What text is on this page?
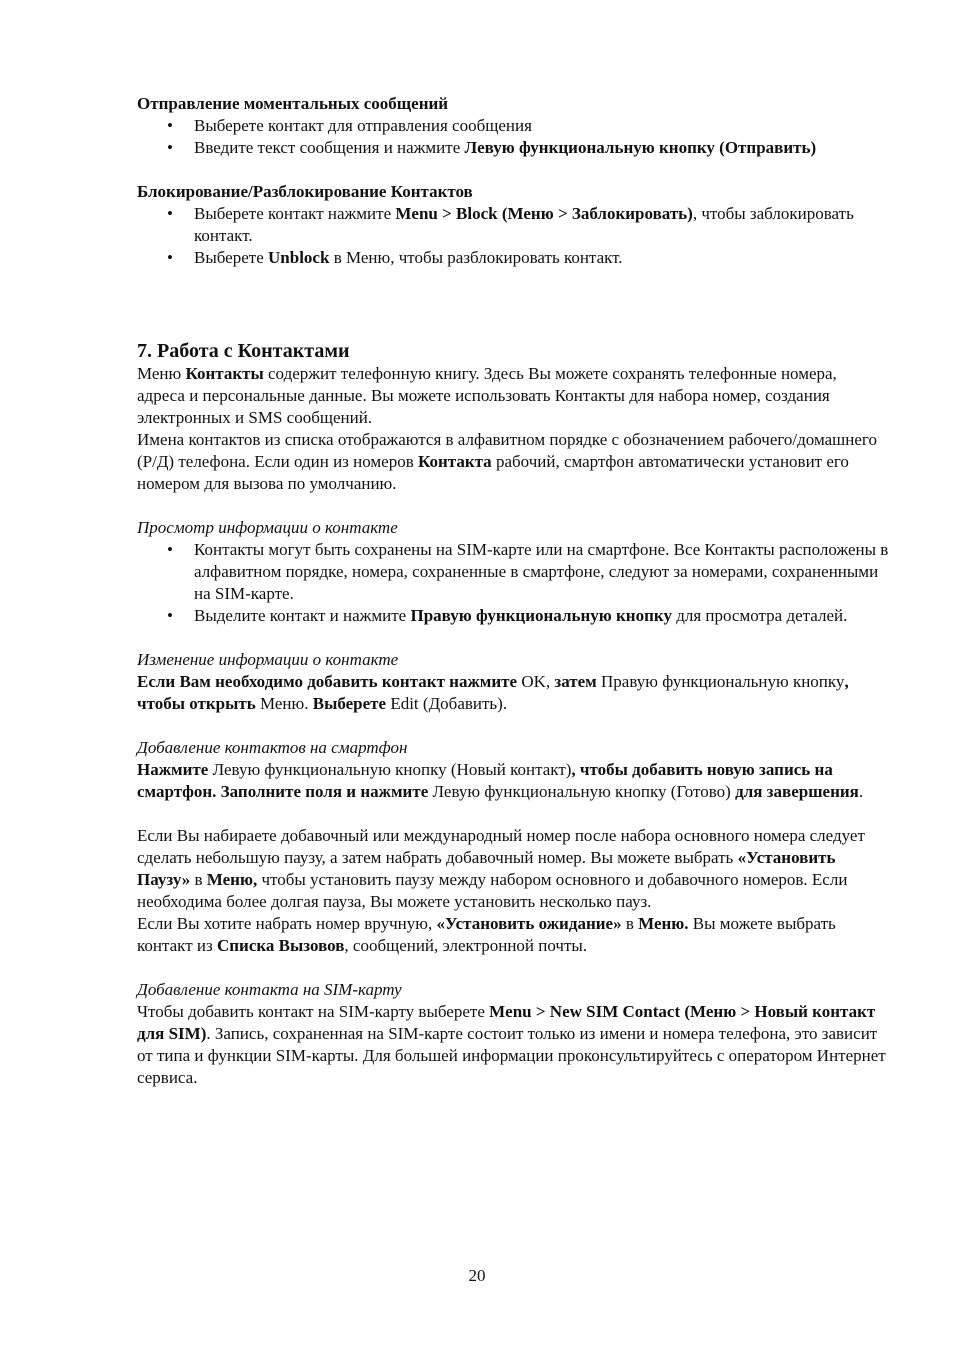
Отправление моментальных сообщений

• Выберете контакт для отправления сообщения
• Введите текст сообщения и нажмите Левую функциональную кнопку (Отправить)

Блокирование/Разблокирование Контактов

• Выберете контакт нажмите Menu > Block (Меню > Заблокировать), чтобы заблокировать контакт.
• Выберете Unblock в Меню, чтобы разблокировать контакт.

7. Работа с Контактами

Меню Контакты содержит телефонную книгу. Здесь Вы можете сохранять телефонные номера, адреса и персональные данные. Вы можете использовать Контакты для набора номер, создания электронных и SMS сообщений.

Имена контактов из списка отображаются в алфавитном порядке с обозначением рабочего/домашнего (Р/Д) телефона. Если один из номеров Контакта рабочий, смартфон автоматически установит его номером для вызова по умолчанию.

Просмотр информации о контакте

• Контакты могут быть сохранены на SIM-карте или на смартфоне. Все Контакты расположены в алфавитном порядке, номера, сохраненные в смартфоне, следуют за номерами, сохраненными на SIM-карте.
• Выделите контакт и нажмите Правую функциональную кнопку для просмотра деталей.

Изменение информации о контакте

Если Вам необходимо добавить контакт нажмите OK, затем Правую функциональную кнопку, чтобы открыть Меню. Выберете Edit (Добавить).

Добавление контактов на смартфон

Нажмите Левую функциональную кнопку (Новый контакт), чтобы добавить новую запись на смартфон. Заполните поля и нажмите Левую функциональную кнопку (Готово) для завершения.

Если Вы набираете добавочный или международный номер после набора основного номера следует сделать небольшую паузу, а затем набрать добавочный номер. Вы можете выбрать «Установить Паузу» в Меню, чтобы установить паузу между набором основного и добавочного номеров. Если необходима более долгая пауза, Вы можете установить несколько пауз.

Если Вы хотите набрать номер вручную, «Установить ожидание» в Меню. Вы можете выбрать контакт из Списка Вызовов, сообщений, электронной почты.

Добавление контакта на SIM-карту

Чтобы добавить контакт на SIM-карту выберете Menu > New SIM Contact (Меню > Новый контакт для SIM). Запись, сохраненная на SIM-карте состоит только из имени и номера телефона, это зависит от типа и функции SIM-карты. Для большей информации проконсультируйтесь с оператором Интернет сервиса.

20
